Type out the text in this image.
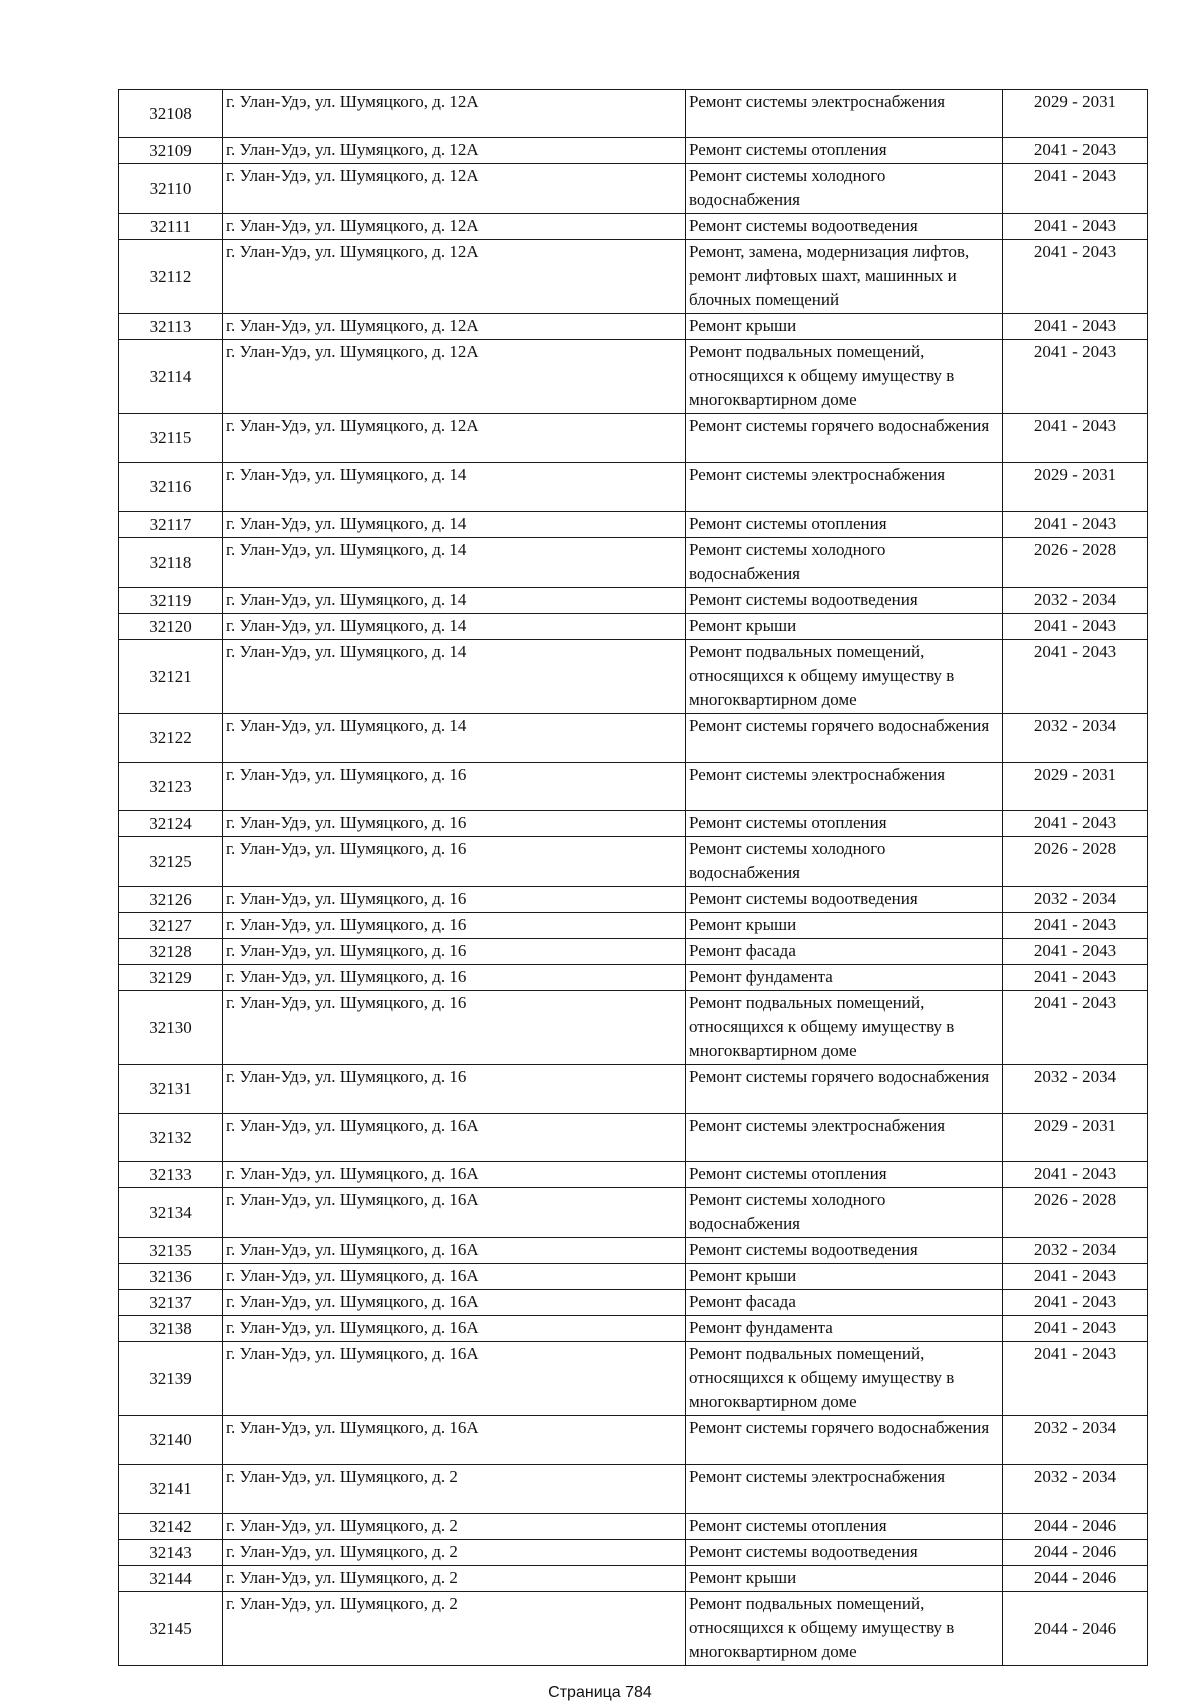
32108	г. Улан-Удэ, ул. Шумяцкого, д. 12А	Ремонт системы электроснабжения	2029 - 2031
32109	г. Улан-Удэ, ул. Шумяцкого, д. 12А	Ремонт системы отопления	2041 - 2043
32110	г. Улан-Удэ, ул. Шумяцкого, д. 12А	Ремонт системы холодного водоснабжения	2041 - 2043
32111	г. Улан-Удэ, ул. Шумяцкого, д. 12А	Ремонт системы водоотведения	2041 - 2043
32112	г. Улан-Удэ, ул. Шумяцкого, д. 12А	Ремонт, замена, модернизация лифтов, ремонт лифтовых шахт, машинных и блочных помещений	2041 - 2043
32113	г. Улан-Удэ, ул. Шумяцкого, д. 12А	Ремонт крыши	2041 - 2043
32114	г. Улан-Удэ, ул. Шумяцкого, д. 12А	Ремонт подвальных помещений, относящихся к общему имуществу в многоквартирном доме	2041 - 2043
32115	г. Улан-Удэ, ул. Шумяцкого, д. 12А	Ремонт системы горячего водоснабжения	2041 - 2043
32116	г. Улан-Удэ, ул. Шумяцкого, д. 14	Ремонт системы электроснабжения	2029 - 2031
32117	г. Улан-Удэ, ул. Шумяцкого, д. 14	Ремонт системы отопления	2041 - 2043
32118	г. Улан-Удэ, ул. Шумяцкого, д. 14	Ремонт системы холодного водоснабжения	2026 - 2028
32119	г. Улан-Удэ, ул. Шумяцкого, д. 14	Ремонт системы водоотведения	2032 - 2034
32120	г. Улан-Удэ, ул. Шумяцкого, д. 14	Ремонт крыши	2041 - 2043
32121	г. Улан-Удэ, ул. Шумяцкого, д. 14	Ремонт подвальных помещений, относящихся к общему имуществу в многоквартирном доме	2041 - 2043
32122	г. Улан-Удэ, ул. Шумяцкого, д. 14	Ремонт системы горячего водоснабжения	2032 - 2034
32123	г. Улан-Удэ, ул. Шумяцкого, д. 16	Ремонт системы электроснабжения	2029 - 2031
32124	г. Улан-Удэ, ул. Шумяцкого, д. 16	Ремонт системы отопления	2041 - 2043
32125	г. Улан-Удэ, ул. Шумяцкого, д. 16	Ремонт системы холодного водоснабжения	2026 - 2028
32126	г. Улан-Удэ, ул. Шумяцкого, д. 16	Ремонт системы водоотведения	2032 - 2034
32127	г. Улан-Удэ, ул. Шумяцкого, д. 16	Ремонт крыши	2041 - 2043
32128	г. Улан-Удэ, ул. Шумяцкого, д. 16	Ремонт фасада	2041 - 2043
32129	г. Улан-Удэ, ул. Шумяцкого, д. 16	Ремонт фундамента	2041 - 2043
32130	г. Улан-Удэ, ул. Шумяцкого, д. 16	Ремонт подвальных помещений, относящихся к общему имуществу в многоквартирном доме	2041 - 2043
32131	г. Улан-Удэ, ул. Шумяцкого, д. 16	Ремонт системы горячего водоснабжения	2032 - 2034
32132	г. Улан-Удэ, ул. Шумяцкого, д. 16А	Ремонт системы электроснабжения	2029 - 2031
32133	г. Улан-Удэ, ул. Шумяцкого, д. 16А	Ремонт системы отопления	2041 - 2043
32134	г. Улан-Удэ, ул. Шумяцкого, д. 16А	Ремонт системы холодного водоснабжения	2026 - 2028
32135	г. Улан-Удэ, ул. Шумяцкого, д. 16А	Ремонт системы водоотведения	2032 - 2034
32136	г. Улан-Удэ, ул. Шумяцкого, д. 16А	Ремонт крыши	2041 - 2043
32137	г. Улан-Удэ, ул. Шумяцкого, д. 16А	Ремонт фасада	2041 - 2043
32138	г. Улан-Удэ, ул. Шумяцкого, д. 16А	Ремонт фундамента	2041 - 2043
32139	г. Улан-Удэ, ул. Шумяцкого, д. 16А	Ремонт подвальных помещений, относящихся к общему имуществу в многоквартирном доме	2041 - 2043
32140	г. Улан-Удэ, ул. Шумяцкого, д. 16А	Ремонт системы горячего водоснабжения	2032 - 2034
32141	г. Улан-Удэ, ул. Шумяцкого, д. 2	Ремонт системы электроснабжения	2032 - 2034
32142	г. Улан-Удэ, ул. Шумяцкого, д. 2	Ремонт системы отопления	2044 - 2046
32143	г. Улан-Удэ, ул. Шумяцкого, д. 2	Ремонт системы водоотведения	2044 - 2046
32144	г. Улан-Удэ, ул. Шумяцкого, д. 2	Ремонт крыши	2044 - 2046
32145	г. Улан-Удэ, ул. Шумяцкого, д. 2	Ремонт подвальных помещений, относящихся к общему имуществу в многоквартирном доме	2044 - 2046
Страница 784
